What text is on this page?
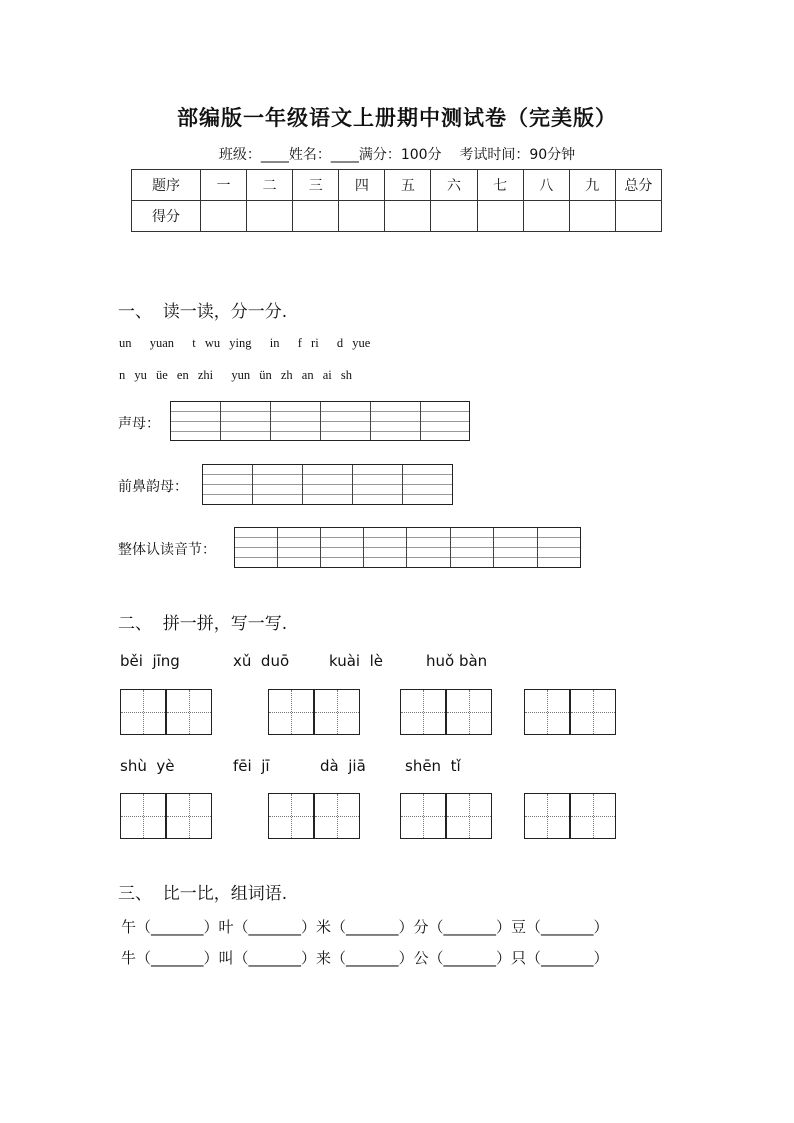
部编版一年级语文上册期中测试卷（完美版）
班级：____姓名：____满分：100分    考试时间：90分钟
题序	一	二	三	四	五	六	七	八	九	总分
得分										
一、  读一读，分一分.
un  yuan  t wu ying  in  f ri  d yue
n yu üe en zhi  yun ün zh an ai sh
声母：
前鼻韵母：
整体认读音节：
二、  拼一拼，写一写.
běi  jīng	xǔ  duō	kuài  lè	huǒ bàn
shù  yè	fēi  jī	dà  jiā	shēn  tǐ
三、  比一比，组词语.
午（_______）叶（_______）米（_______）分（_______）豆（_______）
牛（_______）叫（_______）来（_______）公（_______）只（_______）
